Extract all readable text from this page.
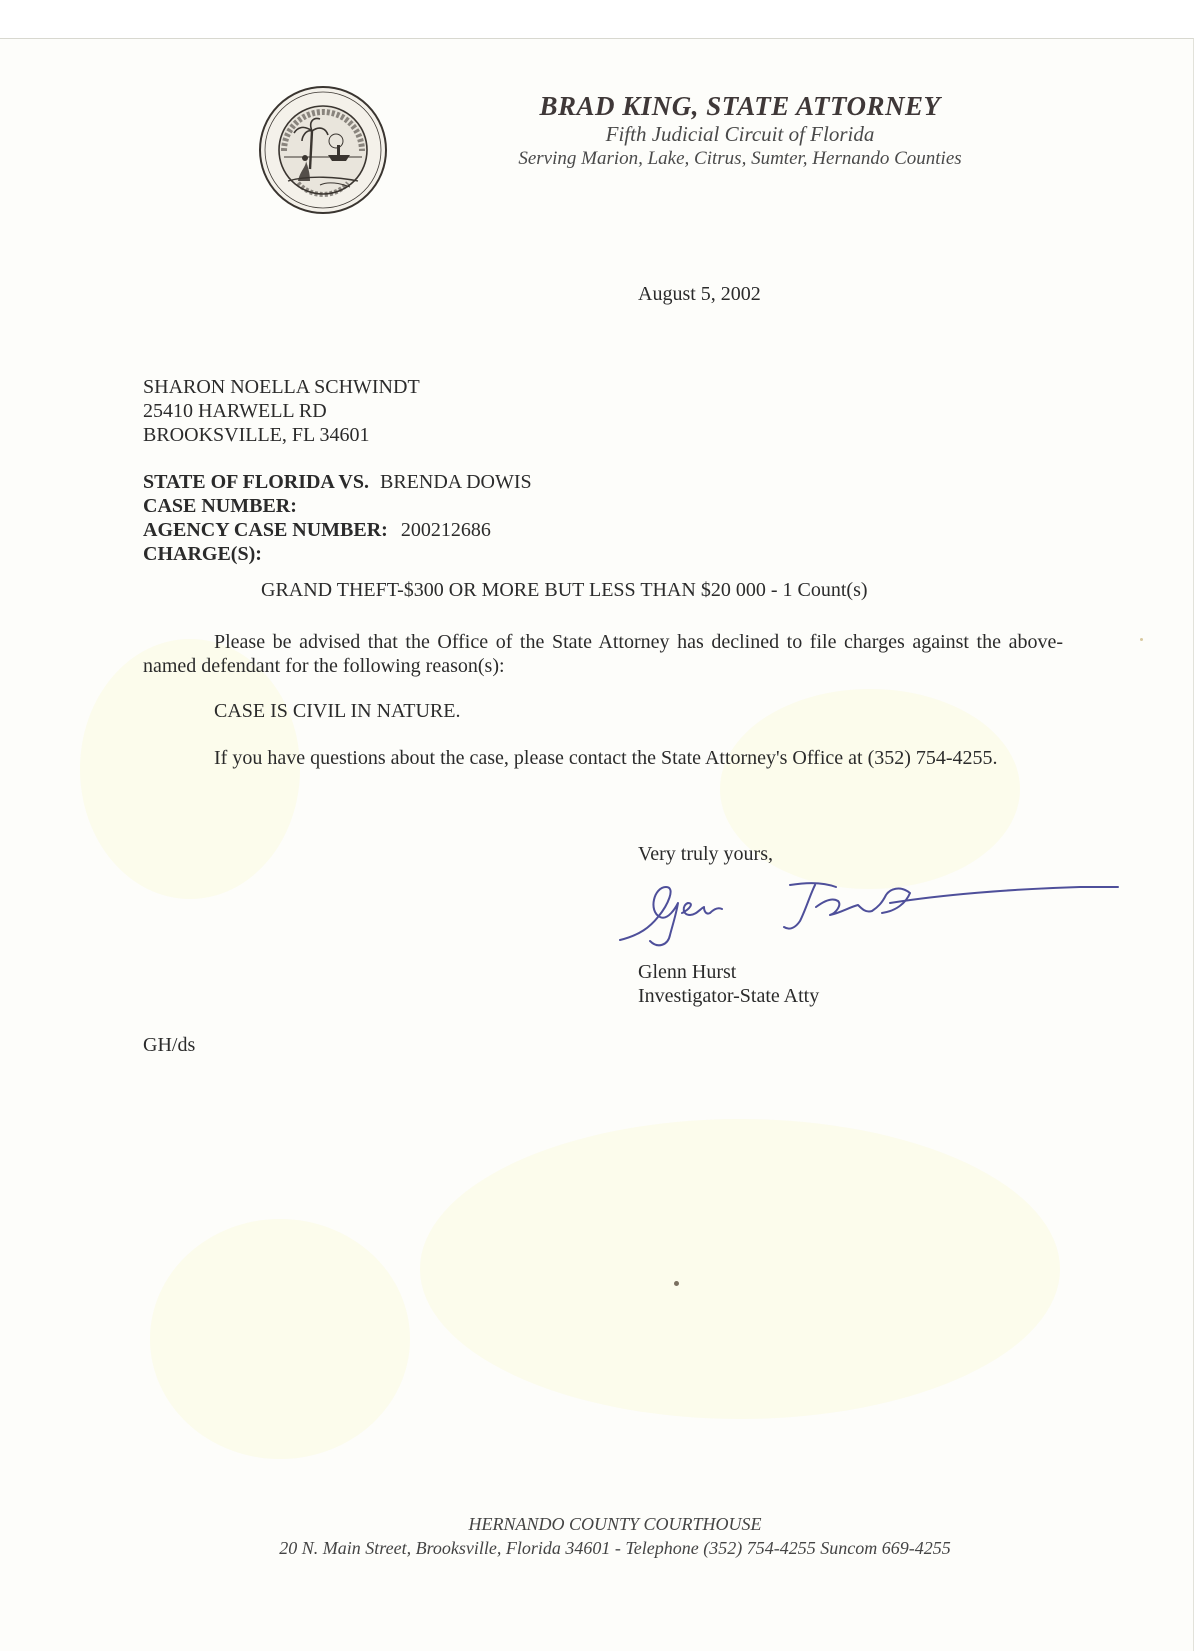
BRAD KING, STATE ATTORNEY
Fifth Judicial Circuit of Florida
Serving Marion, Lake, Citrus, Sumter, Hernando Counties
August 5, 2002
SHARON NOELLA SCHWINDT
25410 HARWELL RD
BROOKSVILLE, FL 34601
STATE OF FLORIDA VS. BRENDA DOWIS
CASE NUMBER:
AGENCY CASE NUMBER: 200212686
CHARGE(S):
GRAND THEFT-$300 OR MORE BUT LESS THAN $20 000 - 1 Count(s)
Please be advised that the Office of the State Attorney has declined to file charges against the above-named defendant for the following reason(s):
CASE IS CIVIL IN NATURE.
If you have questions about the case, please contact the State Attorney's Office at (352) 754-4255.
Very truly yours,
Glenn Hurst
Investigator-State Atty
GH/ds
HERNANDO COUNTY COURTHOUSE
20 N. Main Street, Brooksville, Florida 34601 - Telephone (352) 754-4255 Suncom 669-4255
